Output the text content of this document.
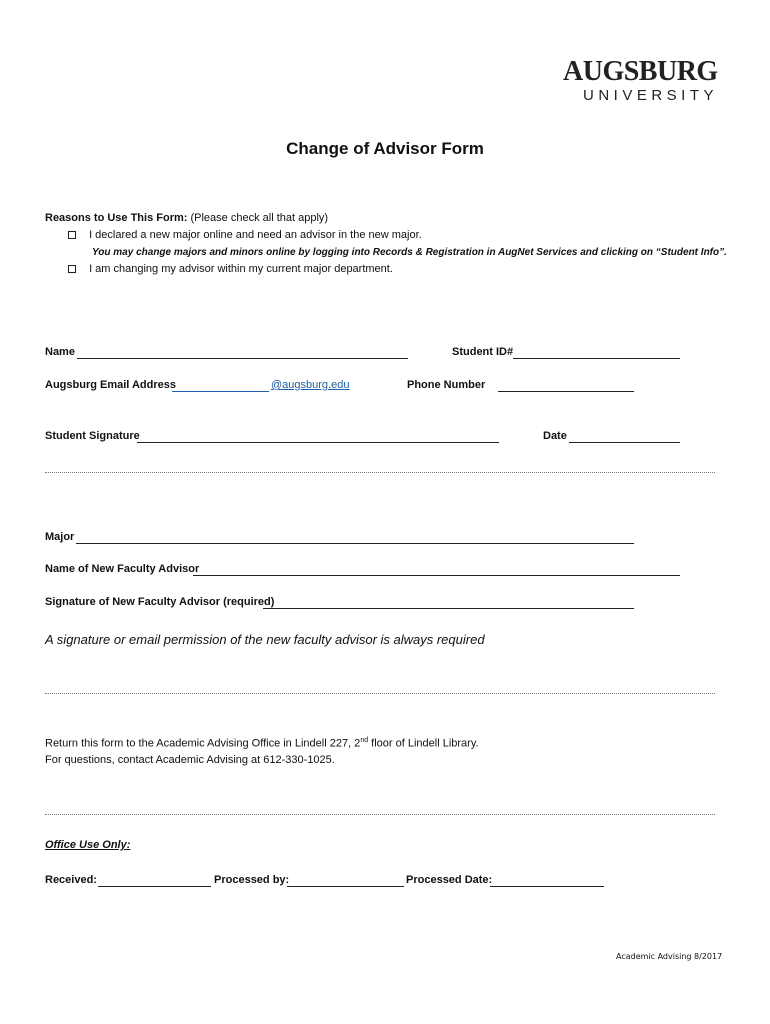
AUGSBURG
UNIVERSITY
Change of Advisor Form
Reasons to Use This Form: (Please check all that apply)
I declared a new major online and need an advisor in the new major.
You may change majors and minors online by logging into Records & Registration in AugNet Services and clicking on “Student Info”.
I am changing my advisor within my current major department.
Name	Student ID#
Augsburg Email Address	@augsburg.edu	Phone Number
Student Signature	Date
Major
Name of New Faculty Advisor
Signature of New Faculty Advisor (required)
A signature or email permission of the new faculty advisor is always required
Return this form to the Academic Advising Office in Lindell 227, 2nd floor of Lindell Library.
For questions, contact Academic Advising at 612-330-1025.
Office Use Only:
Received:	Processed by:	Processed Date:
Academic Advising 8/2017
